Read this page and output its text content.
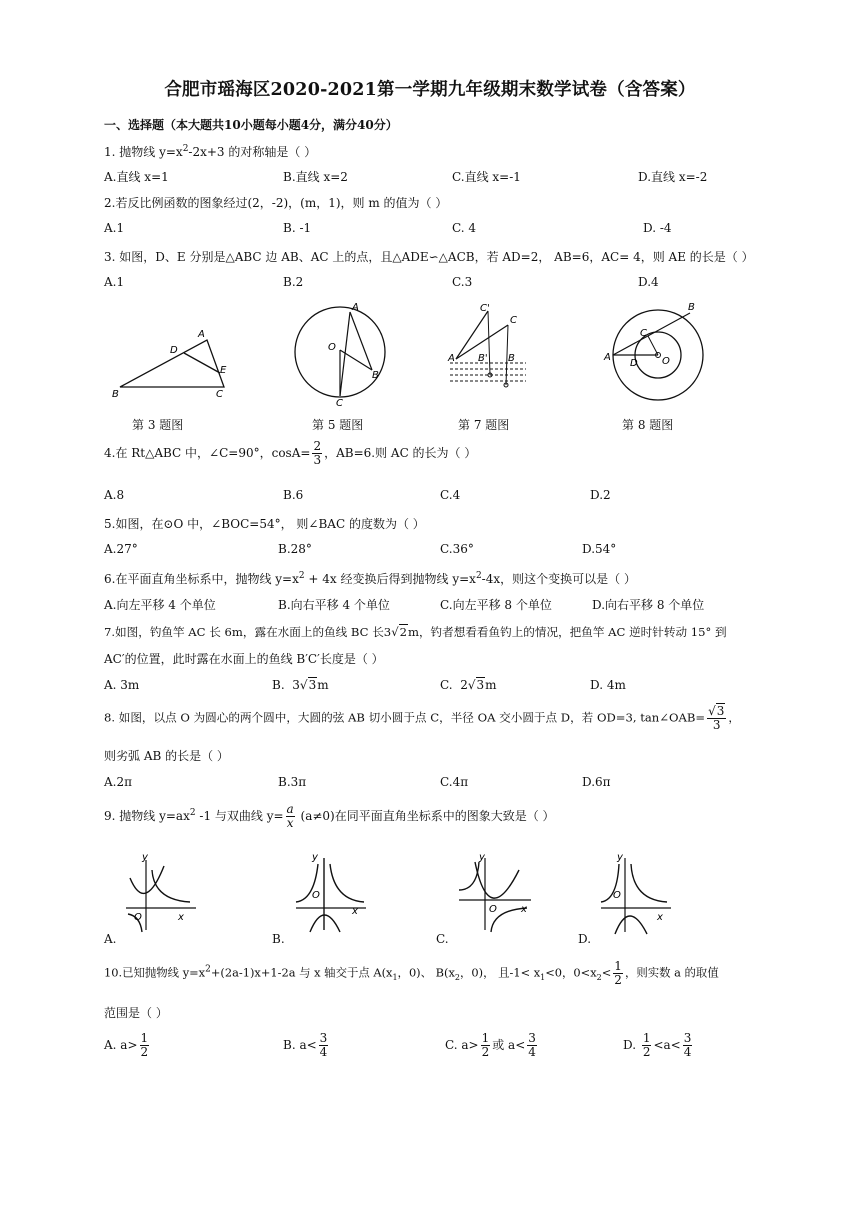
合肥市瑶海区2020-2021第一学期九年级期末数学试卷（含答案）
一、选择题（本大题共10小题每小题4分，满分40分）
1. 抛物线 $y=x^2-2x+3$ 的对称轴是（ ）
A.直线 x=1	B.直线 x=2	C.直线 x=-1	D.直线 x=-2
2.若反比例函数的图象经过(2，-2)，(m，1)，则 m 的值为（ ）
A.1	B. -1	C. 4	D. -4
3. 如图，D、E 分别是△ABC 边 AB、AC 上的点，且△ADE∽△ACB，若 AD=2， AB=6，AC= 4，则 AE 的长是（ ）
A.1	B.2	C.3	D.4
A
B	C
D
E
A
B
C
O
A B' B
C'
C
B
A
C
D O
第 3 题图	第 5 题图	第 7 题图	第 8 题图
4.在 Rt△ABC 中，∠C=90°，$\cos A= \frac{2}{3}$ ，AB=6.则 AC 的长为（ ）
A.8	B.6	C.4	D.2
5.如图，在⊙O 中，∠BOC=54°， 则∠BAC 的度数为（ ）
A.27°	B.28°	C.36°	D.54°
6.在平面直角坐标系中，抛物线 $y=x^2 + 4x$ 经变换后得到抛物线 $y=x^2-4x$，则这个变换可以是（ ）
A.向左平移 4 个单位	B.向右平移 4 个单位	C.向左平移 8 个单位	D.向右平移 8 个单位
7.如图，钓鱼竿 AC 长 6m，露在水面上的鱼线 BC 长3√2m，钓者想看看鱼钓上的情况，把鱼竿 AC 逆时针转动 15° 到
AC′的位置，此时露在水面上的鱼线 B′C′长度是（ ）
A. 3m	B. 3√3m	C. 2√3m	D. 4m
8. 如图，以点 O 为圆心的两个圆中，大圆的弦 AB 切小圆于点 C，半径 OA 交小圆于点 D，若 OD=3, tan∠OAB= $\frac{√3}{3}$ ，
则劣弧 AB 的长是（ ）
A.2π	B.3π	C.4π	D.6π
9. 抛物线 $y=ax^2$ -1 与双曲线 $y= \frac{a}{x} (a\ne 0)$在同平面直角坐标系中的图象大致是（ ）
y
x
O
y
x
O
y
x
O
y
x
O
A.	B.	C.	D.
10.已知抛物线 $y=x^2+(2a-1)x+1-2a$ 与 x 轴交于点 $A(x_1$，0)、 $B(x_2$，0)， 且$-1< x_1<0$，$0<x_2< \frac{1}{2}$ ，则实数 a 的取值
范围是（ ）
A. $a> \frac{1}{2}$	B. $a< \frac{3}{4}$	C. $a> \frac{1}{2}$ 或 $a< \frac{3}{4}$	D. $\frac{1}{2} <a< \frac{3}{4}$
